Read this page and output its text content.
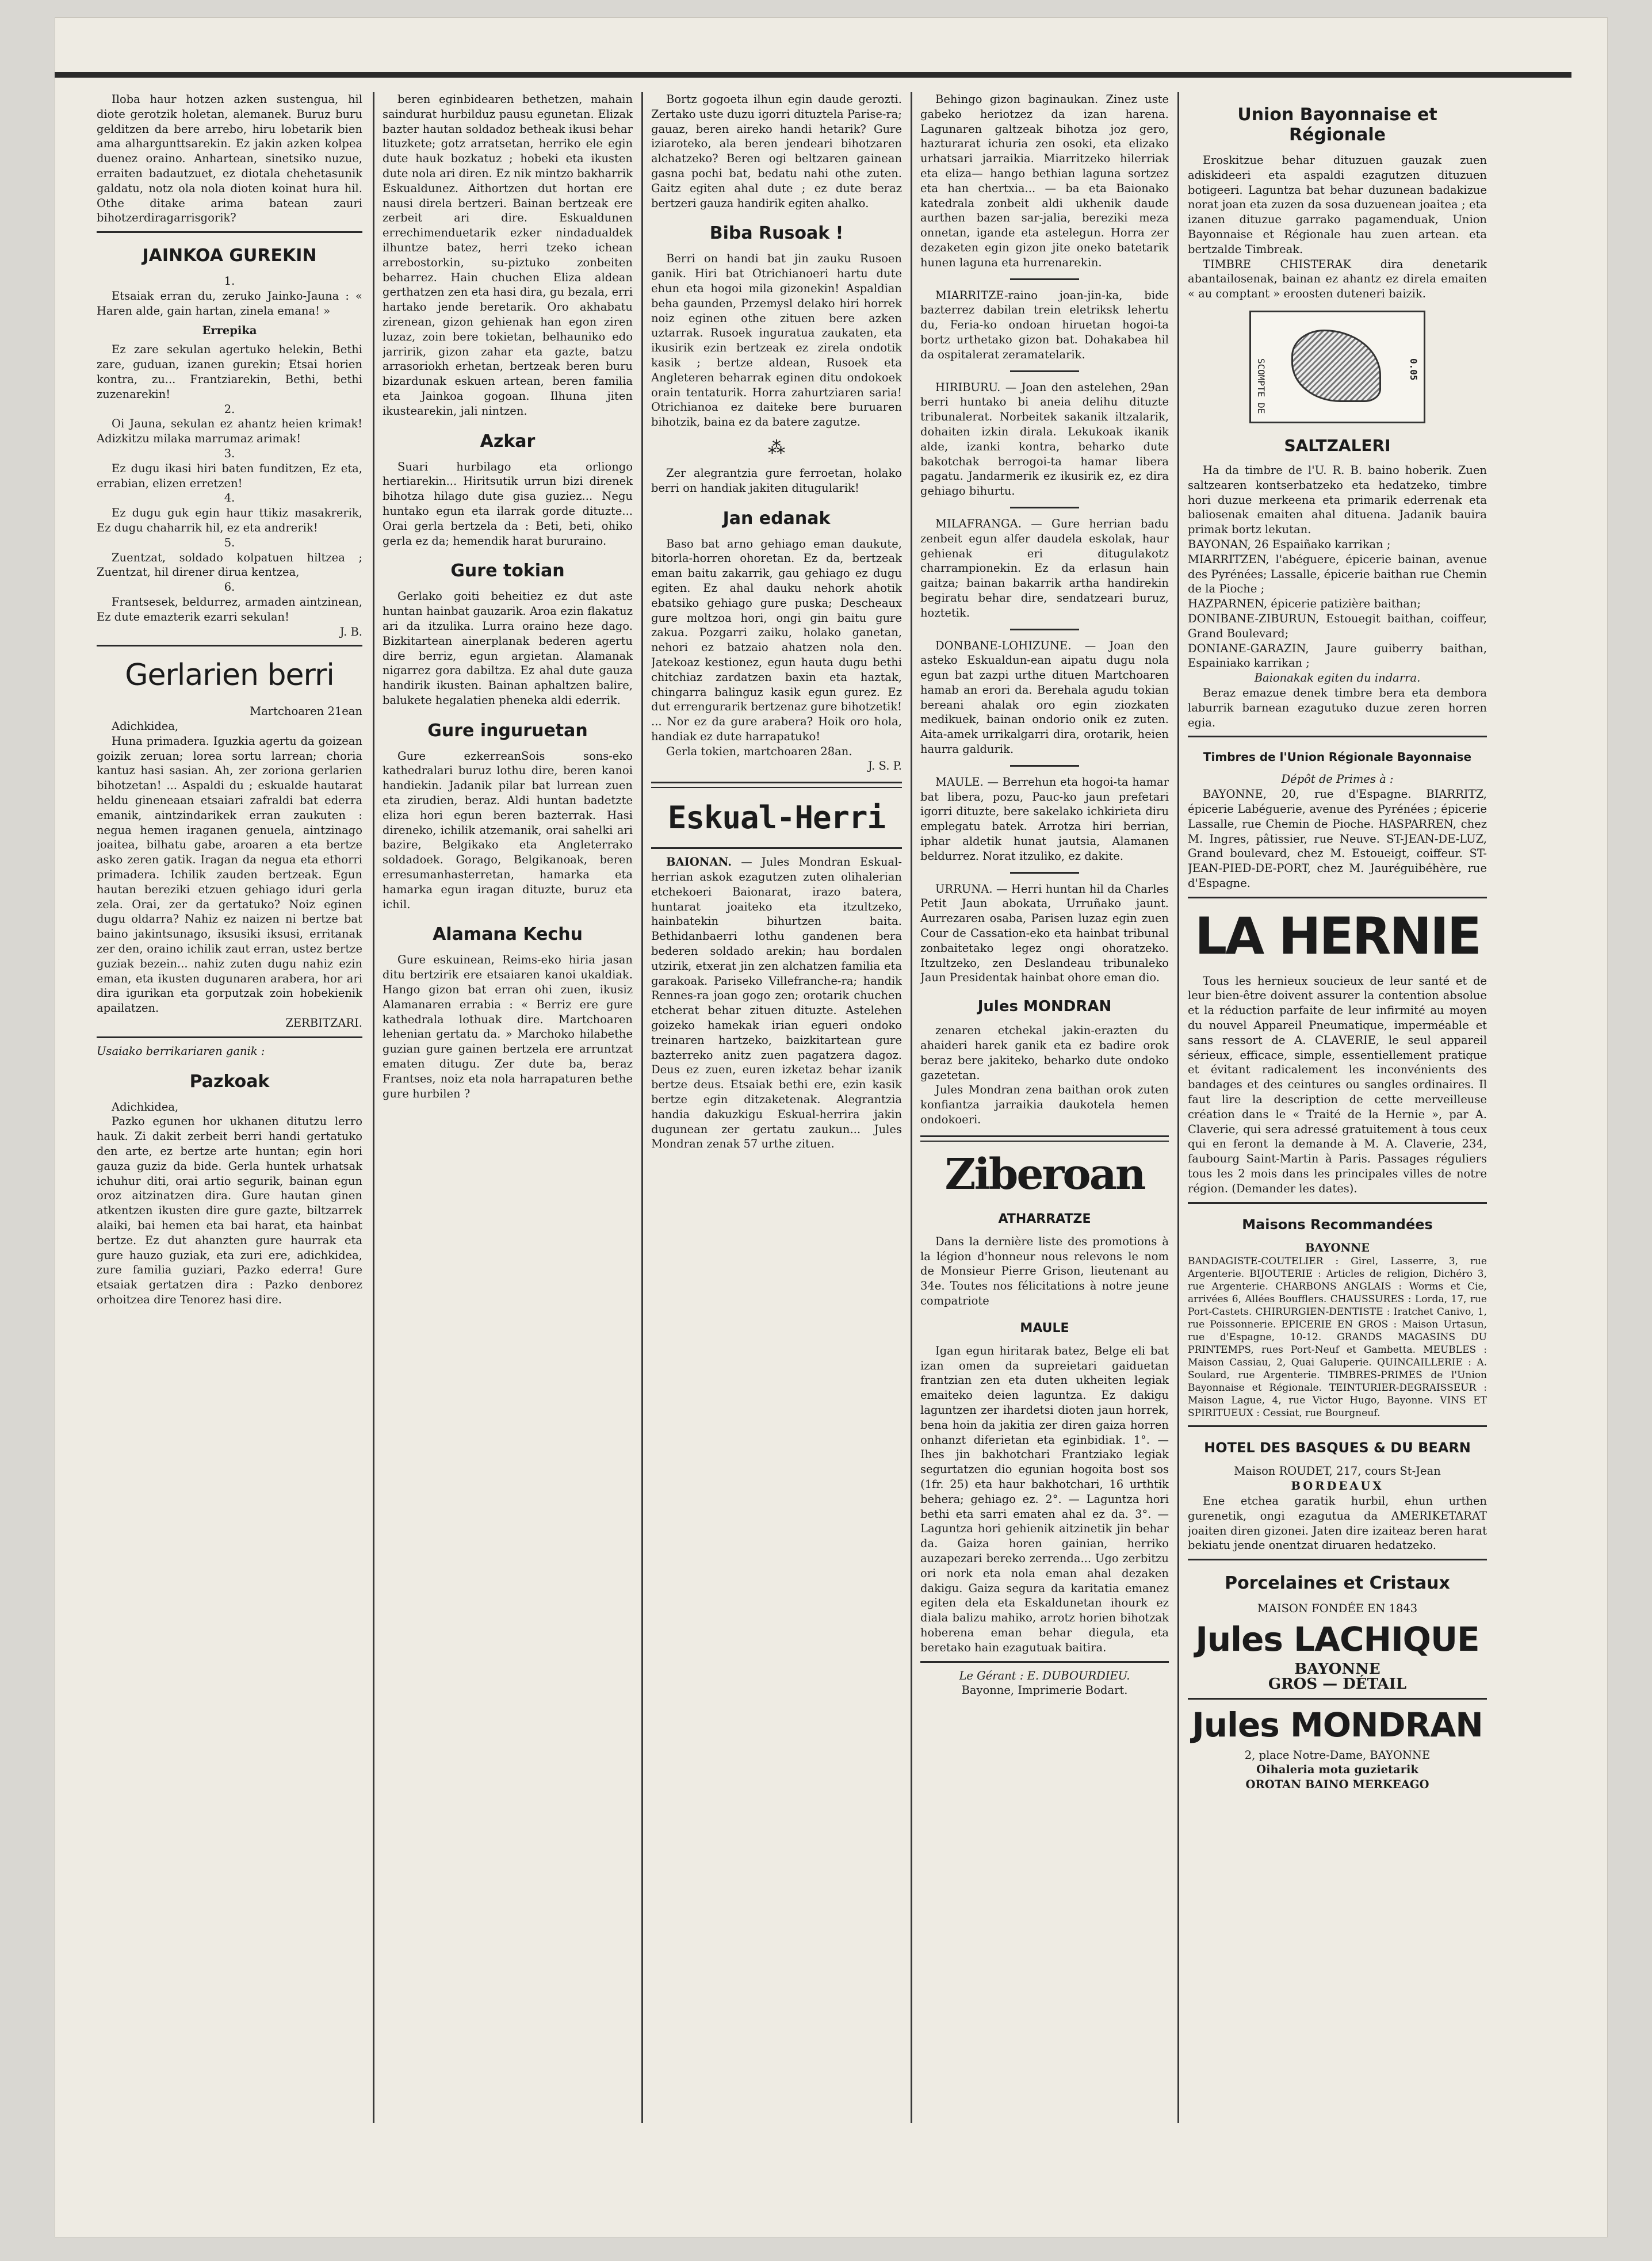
Iloba haur hotzen azken sustengua, hil diote gerotzik holetan, alemanek. Buruz buru gelditzen da bere arrebo, hiru lobetarik bien ama alhargunttsarekin. Ez jakin azken kolpea duenez oraino. Anhartean, sinetsiko nuzue, erraiten badautzuet, ez diotala chehetasunik galdatu, notz ola nola dioten koinat hura hil. Othe ditake arima batean zauri bihotzerdiragarrisgorik?

JAINKOA GUREKIN

1.

Etsaiak erran du, zeruko Jainko-Jauna : « Haren alde, gain hartan, zinela emana! »

Errepika

Ez zare sekulan agertuko helekin, Bethi zare, guduan, izanen gurekin; Etsai horien kontra, zu... Frantziarekin, Bethi, bethi zuzenarekin!

2.

Oi Jauna, sekulan ez ahantz heien krimak! Adizkitzu milaka marrumaz arimak!

3.

Ez dugu ikasi hiri baten funditzen, Ez eta, errabian, elizen erretzen!

4.

Ez dugu guk egin haur ttikiz masakrerik, Ez dugu chaharrik hil, ez eta andrerik!

5.

Zuentzat, soldado kolpatuen hiltzea ; Zuentzat, hil direner dirua kentzea,

6.

Frantsesek, beldurrez, armaden aintzinean, Ez dute emazterik ezarri sekulan!

J. B.

Gerlarien berri

Martchoaren 21ean

Adichkidea,

Huna primadera. Iguzkia agertu da goizean goizik zeruan; lorea sortu larrean; choria kantuz hasi sasian. Ah, zer zoriona gerlarien bihotzetan! ... Aspaldi du ; eskualde hautarat heldu gineneaan etsaiari zafraldi bat ederra emanik, aintzindarikek erran zaukuten : negua hemen iraganen genuela, aintzinago joaitea, bilhatu gabe, aroaren a eta bertze asko zeren gatik. Iragan da negua eta ethorri primadera. Ichilik zauden bertzeak. Egun hautan bereziki etzuen gehiago iduri gerla zela. Orai, zer da gertatuko? Noiz eginen dugu oldarra? Nahiz ez naizen ni bertze bat baino jakintsunago, iksusiki iksusi, erritanak zer den, oraino ichilik zaut erran, ustez bertze guziak bezein... nahiz zuten dugu nahiz ezin eman, eta ikusten dugunaren arabera, hor ari dira igurikan eta gorputzak zoin hobekienik apailatzen.

ZERBITZARI.

Usaiako berrikariaren ganik :

Pazkoak

Adichkidea,

Pazko egunen hor ukhanen ditutzu lerro hauk. Zi dakit zerbeit berri handi gertatuko den arte, ez bertze arte huntan; egin hori gauza guziz da bide. Gerla huntek urhatsak ichuhur diti, orai artio segurik, bainan egun oroz aitzinatzen dira. Gure hautan ginen atkentzen ikusten dire gure gazte, biltzarrek alaiki, bai hemen eta bai harat, eta hainbat bertze. Ez dut ahanzten gure haurrak eta gure hauzo guziak, eta zuri ere, adichkidea, zure familia guziari, Pazko ederra! Gure etsaiak gertatzen dira : Pazko denborez orhoitzea dire Tenorez hasi dire.

beren eginbidearen bethetzen, mahain saindurat hurbilduz pausu egunetan. Elizak bazter hautan soldadoz betheak ikusi behar lituzkete; gotz arratsetan, herriko ele egin dute hauk bozkatuz ; hobeki eta ikusten dute nola ari diren. Ez nik mintzo bakharrik Eskualdunez. Aithortzen dut hortan ere nausi direla bertzeri. Bainan bertzeak ere zerbeit ari dire. Eskualdunen errechimenduetarik ezker nindadualdek ilhuntze batez, herri tzeko ichean arrebostorkin, su-piztuko zonbeiten beharrez. Hain chuchen Eliza aldean gerthatzen zen eta hasi dira, gu bezala, erri hartako jende beretarik. Oro akhabatu zirenean, gizon gehienak han egon ziren luzaz, zoin bere tokietan, belhauniko edo jarririk, gizon zahar eta gazte, batzu arrasoriokh erhetan, bertzeak beren buru bizardunak eskuen artean, beren familia eta Jainkoa gogoan. Ilhuna jiten ikustearekin, jali nintzen.

Azkar

Suari hurbilago eta orliongo hertiarekin... Hiritsutik urrun bizi direnek bihotza hilago dute gisa guziez... Negu huntako egun eta ilarrak gorde dituzte... Orai gerla bertzela da : Beti, beti, ohiko gerla ez da; hemendik harat bururaino.

Gure tokian

Gerlako goiti beheitiez ez dut aste huntan hainbat gauzarik. Aroa ezin flakatuz ari da itzulika. Lurra oraino heze dago. Bizkitartean ainerplanak bederen agertu dire berriz, egun argietan. Alamanak nigarrez gora dabiltza. Ez ahal dute gauza handirik ikusten. Bainan aphaltzen balire, balukete hegalatien pheneka aldi ederrik.

Gure inguruetan

Gure ezkerreanSois sons-eko kathedralari buruz lothu dire, beren kanoi handiekin. Jadanik pilar bat lurrean zuen eta zirudien, beraz. Aldi huntan badetzte eliza hori egun beren bazterrak. Hasi direneko, ichilik atzemanik, orai sahelki ari bazire, Belgikako eta Angleterrako soldadoek. Gorago, Belgikanoak, beren erresumanhasterretan, hamarka eta hamarka egun iragan dituzte, buruz eta ichil.

Alamana Kechu

Gure eskuinean, Reims-eko hiria jasan ditu bertzirik ere etsaiaren kanoi ukaldiak. Hango gizon bat erran ohi zuen, ikusiz Alamanaren errabia : « Berriz ere gure kathedrala lothuak dire. Martchoaren lehenian gertatu da. » Marchoko hilabethe guzian gure gainen bertzela ere arruntzat ematen ditugu. Zer dute ba, beraz Frantses, noiz eta nola harrapaturen bethe gure hurbilen ?

Bortz gogoeta ilhun egin daude gerozti. Zertako uste duzu igorri dituztela Parise-ra; gauaz, beren aireko handi hetarik? Gure iziaroteko, ala beren jendeari bihotzaren alchatzeko? Beren ogi beltzaren gainean gasna pochi bat, bedatu nahi othe zuten. Gaitz egiten ahal dute ; ez dute beraz bertzeri gauza handirik egiten ahalko.

Biba Rusoak !

Berri on handi bat jin zauku Rusoen ganik. Hiri bat Otrichianoeri hartu dute ehun eta hogoi mila gizonekin! Aspaldian beha gaunden, Przemysl delako hiri horrek noiz eginen othe zituen bere azken uztarrak. Rusoek inguratua zaukaten, eta ikusirik ezin bertzeak ez zirela ondotik kasik ; bertze aldean, Rusoek eta Angleteren beharrak eginen ditu ondokoek orain tentaturik. Horra zahurtziaren saria! Otrichianoa ez daiteke bere buruaren bihotzik, baina ez da batere zagutze.

⁂

Zer alegrantzia gure ferroetan, holako berri on handiak jakiten ditugularik!

Jan edanak

Baso bat arno gehiago eman daukute, bitorla-horren ohoretan. Ez da, bertzeak eman baitu zakarrik, gau gehiago ez dugu egiten. Ez ahal dauku nehork ahotik ebatsiko gehiago gure puska; Descheaux gure moltzoa hori, ongi gin baitu gure zakua. Pozgarri zaiku, holako ganetan, nehori ez batzaio ahatzen nola den. Jatekoaz kestionez, egun hauta dugu bethi chitchiaz zardatzen baxin eta haztak, chingarra balinguz kasik egun gurez. Ez dut errengurarik bertzenaz gure bihotzetik! ... Nor ez da gure arabera? Hoik oro hola, handiak ez dute harrapatuko!

Gerla tokien, martchoaren 28an.

J. S. P.

Eskual-Herri

BAIONAN. — Jules Mondran Eskual-herrian askok ezagutzen zuten olihalerian etchekoeri Baionarat, irazo batera, huntarat joaiteko eta itzultzeko, hainbatekin bihurtzen baita. Bethidanbaerri lothu gandenen bera bederen soldado arekin; hau bordalen utzirik, etxerat jin zen alchatzen familia eta garakoak. Pariseko Villefranche-ra; handik Rennes-ra joan gogo zen; orotarik chuchen etcherat behar zituen dituzte. Astelehen goizeko hamekak irian egueri ondoko treinaren hartzeko, baizkitartean gure bazterreko anitz zuen pagatzera dagoz. Deus ez zuen, euren izketaz behar izanik bertze deus. Etsaiak bethi ere, ezin kasik bertze egin ditzaketenak. Alegrantzia handia dakuzkigu Eskual-herrira jakin dugunean zer gertatu zaukun... Jules Mondran zenak 57 urthe zituen.

Behingo gizon baginaukan. Zinez uste gabeko heriotzez da izan harena. Lagunaren galtzeak bihotza joz gero, hazturarat ichuria zen osoki, eta elizako urhatsari jarraikia. Miarritzeko hilerriak eta eliza— hango bethian laguna sortzez eta han chertxia... — ba eta Baionako katedrala zonbeit aldi ukhenik daude aurthen bazen sar-jalia, bereziki meza onnetan, igande eta astelegun. Horra zer dezaketen egin gizon jite oneko batetarik hunen laguna eta hurrenarekin.

MIARRITZE-raino joan-jin-ka, bide bazterrez dabilan trein eletriksk lehertu du, Feria-ko ondoan hiruetan hogoi-ta bortz urthetako gizon bat. Dohakabea hil da ospitalerat zeramatelarik.

HIRIBURU. — Joan den astelehen, 29an berri huntako bi aneia delihu dituzte tribunalerat. Norbeitek sakanik iltzalarik, dohaiten izkin dirala. Lekukoak ikanik alde, izanki kontra, beharko dute bakotchak berrogoi-ta hamar libera pagatu. Jandarmerik ez ikusirik ez, ez dira gehiago bihurtu.

MILAFRANGA. — Gure herrian badu zenbeit egun alfer daudela eskolak, haur gehienak eri ditugulakotz charrampionekin. Ez da erlasun hain gaitza; bainan bakarrik artha handirekin begiratu behar dire, sendatzeari buruz, hoztetik.

DONBANE-LOHIZUNE. — Joan den asteko Eskualdun-ean aipatu dugu nola egun bat zazpi urthe dituen Martchoaren hamab an erori da. Berehala agudu tokian bereani ahalak oro egin ziozkaten medikuek, bainan ondorio onik ez zuten. Aita-amek urrikalgarri dira, orotarik, heien haurra galdurik.

MAULE. — Berrehun eta hogoi-ta hamar bat libera, pozu, Pauc-ko jaun prefetari igorri dituzte, bere sakelako ichkirieta diru emplegatu batek. Arrotza hiri berrian, iphar aldetik hunat jautsia, Alamanen beldurrez. Norat itzuliko, ez dakite.

URRUNA. — Herri huntan hil da Charles Petit Jaun abokata, Urruñako jaunt. Aurrezaren osaba, Parisen luzaz egin zuen Cour de Cassation-eko eta hainbat tribunal zonbaitetako legez ongi ohoratzeko. Itzultzeko, zen Deslandeau tribunaleko Jaun Presidentak hainbat ohore eman dio.

Jules MONDRAN

zenaren etchekal jakin-erazten du ahaideri harek ganik eta ez badire orok beraz bere jakiteko, beharko dute ondoko gazetetan.

Jules Mondran zena baithan orok zuten konfiantza jarraikia daukotela hemen ondokoeri.

Ziberoan
ATHARRATZE

Dans la dernière liste des promotions à la légion d'honneur nous relevons le nom de Monsieur Pierre Grison, lieutenant au 34e. Toutes nos félicitations à notre jeune compatriote

MAULE

Igan egun hiritarak batez, Belge eli bat izan omen da supreietari gaiduetan frantzian zen eta duten ukheiten legiak emaiteko deien laguntza. Ez dakigu laguntzen zer ihardetsi dioten jaun horrek, bena hoin da jakitia zer diren gaiza horren onhanzt diferietan eta eginbidiak. 1°. — Ihes jin bakhotchari Frantziako legiak segurtatzen dio egunian hogoita bost sos (1fr. 25) eta haur bakhotchari, 16 urthtik behera; gehiago ez. 2°. — Laguntza hori bethi eta sarri ematen ahal ez da. 3°. — Laguntza hori gehienik aitzinetik jin behar da. Gaiza horen gainian, herriko auzapezari bereko zerrenda... Ugo zerbitzu ori nork eta nola eman ahal dezaken dakigu. Gaiza segura da karitatia emanez egiten dela eta Eskaldunetan ihourk ez diala balizu mahiko, arrotz horien bihotzak hoberena eman behar diegula, eta beretako hain ezagutuak baitira.

Le Gérant : E. DUBOURDIEU.

Bayonne, Imprimerie Bodart.

Union Bayonnaise et Régionale

Eroskitzue behar dituzuen gauzak zuen adiskideeri eta aspaldi ezagutzen dituzuen botigeeri. Laguntza bat behar duzunean badakizue norat joan eta zuzen da sosa duzuenean joaitea ; eta izanen dituzue garrako pagamenduak, Union Bayonnaise et Régionale hau zuen artean. eta bertzalde Timbreak.

TIMBRE CHISTERAK dira denetarik abantailosenak, bainan ez ahantz ez direla emaiten « au comptant » eroosten duteneri baizik.

SCOMPTE DE	0.05
SALTZALERI

Ha da timbre de l'U. R. B. baino hoberik. Zuen saltzearen kontserbatzeko eta hedatzeko, timbre hori duzue merkeena eta primarik ederrenak eta baliosenak emaiten ahal dituena. Jadanik bauira primak bortz lekutan.

BAYONAN, 26 Espaiñako karrikan ;

MIARRITZEN, l'abéguere, épicerie bainan, avenue des Pyrénées; Lassalle, épicerie baithan rue Chemin de la Pioche ;

HAZPARNEN, épicerie patizière baithan;

DONIBANE-ZIBURUN, Estouegit baithan, coiffeur, Grand Boulevard;

DONIANE-GARAZIN, Jaure guiberry baithan, Espainiako karrikan ;

Baionakak egiten du indarra.

Beraz emazue denek timbre bera eta dembora laburrik barnean ezagutuko duzue zeren horren egia.

Timbres de l'Union Régionale Bayonnaise

Dépôt de Primes à :

BAYONNE, 20, rue d'Espagne. BIARRITZ, épicerie Labéguerie, avenue des Pyrénées ; épicerie Lassalle, rue Chemin de Pioche. HASPARREN, chez M. Ingres, pâtissier, rue Neuve. ST-JEAN-DE-LUZ, Grand boulevard, chez M. Estoueigt, coiffeur. ST-JEAN-PIED-DE-PORT, chez M. Jauréguibéhère, rue d'Espagne.

LA HERNIE

Tous les hernieux soucieux de leur santé et de leur bien-être doivent assurer la contention absolue et la réduction parfaite de leur infirmité au moyen du nouvel Appareil Pneumatique, imperméable et sans ressort de A. CLAVERIE, le seul appareil sérieux, efficace, simple, essentiellement pratique et évitant radicalement les inconvénients des bandages et des ceintures ou sangles ordinaires. Il faut lire la description de cette merveilleuse création dans le « Traité de la Hernie », par A. Claverie, qui sera adressé gratuitement à tous ceux qui en feront la demande à M. A. Claverie, 234, faubourg Saint-Martin à Paris. Passages réguliers tous les 2 mois dans les principales villes de notre région. (Demander les dates).

Maisons Recommandées

BAYONNE

BANDAGISTE-COUTELIER : Girel, Lasserre, 3, rue Argenterie. BIJOUTERIE : Articles de religion, Dichéro 3, rue Argenterie. CHARBONS ANGLAIS : Worms et Cie, arrivées 6, Allées Boufflers. CHAUSSURES : Lorda, 17, rue Port-Castets. CHIRURGIEN-DENTISTE : Iratchet Canivo, 1, rue Poissonnerie. EPICERIE EN GROS : Maison Urtasun, rue d'Espagne, 10-12. GRANDS MAGASINS DU PRINTEMPS, rues Port-Neuf et Gambetta. MEUBLES : Maison Cassiau, 2, Quai Galuperie. QUINCAILLERIE : A. Soulard, rue Argenterie. TIMBRES-PRIMES de l'Union Bayonnaise et Régionale. TEINTURIER-DEGRAISSEUR : Maison Lague, 4, rue Victor Hugo, Bayonne. VINS ET SPIRITUEUX : Cessiat, rue Bourgneuf.

HOTEL DES BASQUES & DU BEARN

Maison ROUDET, 217, cours St-Jean

BORDEAUX

Ene etchea garatik hurbil, ehun urthen gurenetik, ongi ezagutua da AMERIKETARAT joaiten diren gizonei. Jaten dire izaiteaz beren harat bekiatu jende onentzat diruaren hedatzeko.

Porcelaines et Cristaux

MAISON FONDÉE EN 1843

Jules LACHIQUE

BAYONNE

GROS — DÉTAIL

Jules MONDRAN

2, place Notre-Dame, BAYONNE

Oihaleria mota guzietarik

OROTAN BAINO MERKEAGO
